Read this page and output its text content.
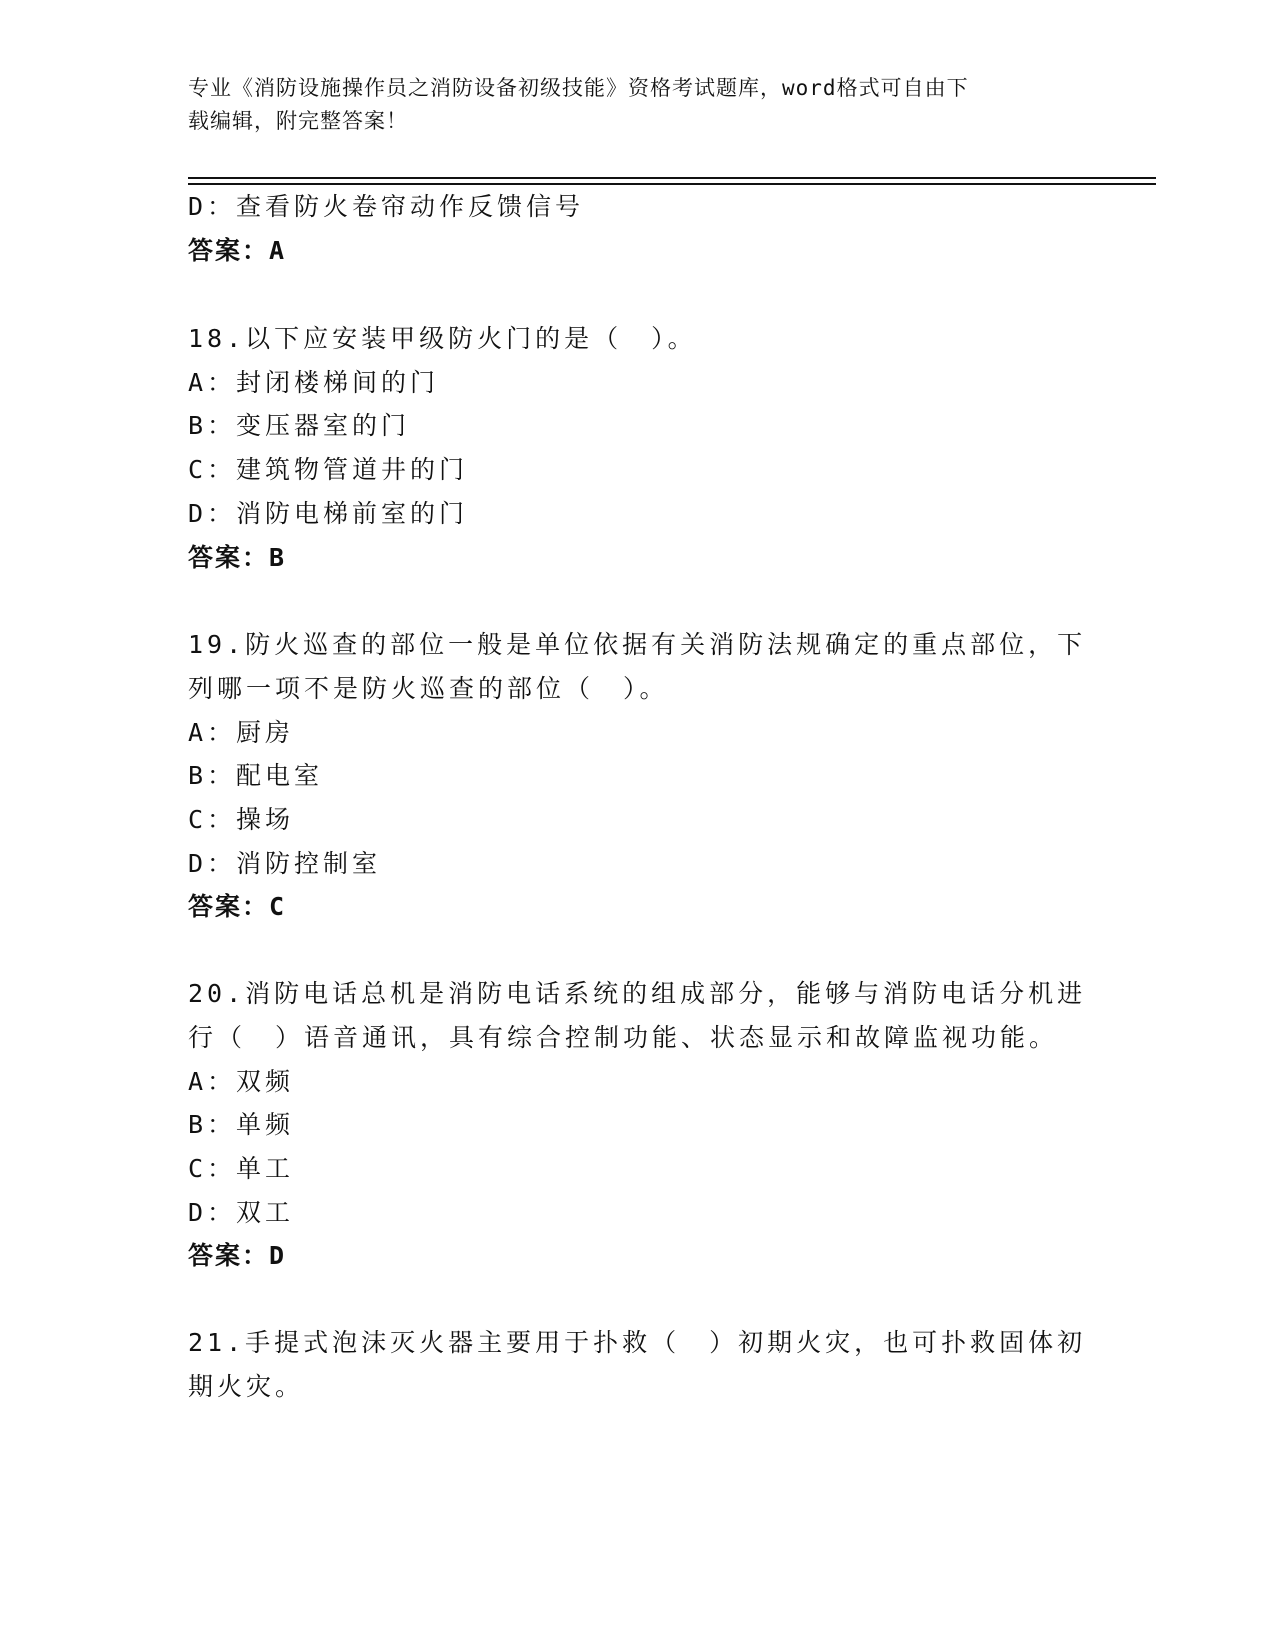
专业《消防设施操作员之消防设备初级技能》资格考试题库，word格式可自由下
载编辑，附完整答案！
D：查看防火卷帘动作反馈信号
答案：A
18.以下应安装甲级防火门的是（　）。
A：封闭楼梯间的门
B：变压器室的门
C：建筑物管道井的门
D：消防电梯前室的门
答案：B
19.防火巡查的部位一般是单位依据有关消防法规确定的重点部位，下
列哪一项不是防火巡查的部位（　）。
A：厨房
B：配电室
C：操场
D：消防控制室
答案：C
20.消防电话总机是消防电话系统的组成部分，能够与消防电话分机进
行（　）语音通讯，具有综合控制功能、状态显示和故障监视功能。
A：双频
B：单频
C：单工
D：双工
答案：D
21.手提式泡沫灭火器主要用于扑救（　）初期火灾，也可扑救固体初
期火灾。
